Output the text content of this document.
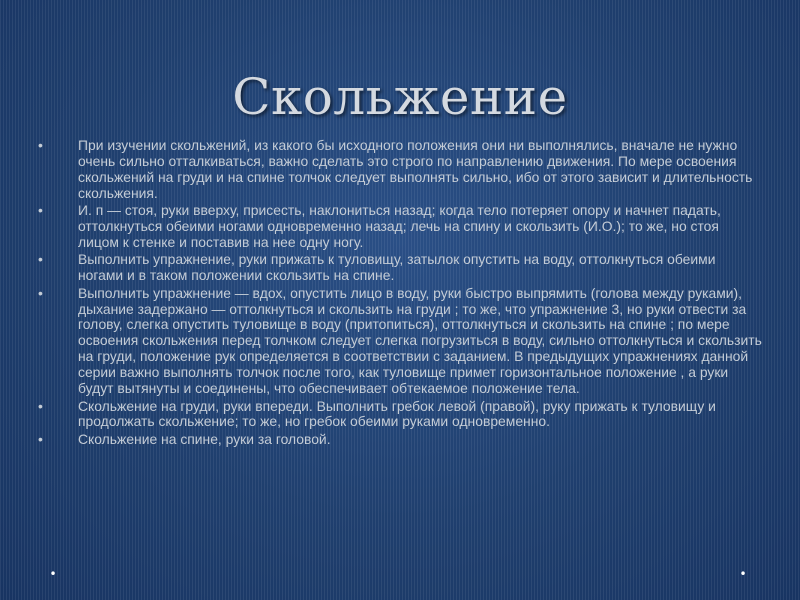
Скольжение
•	При изучении скольжений, из какого бы исходного положения они ни выполнялись, вначале не нужно очень сильно отталкиваться, важно сделать это строго по направлению движения. По мере освоения скольжений на груди и на спине толчок следует выполнять сильно, ибо от этого зависит и длительность скольжения.
•	И. п — стоя, руки вверху, присесть, наклониться назад; когда тело потеряет опору и начнет падать, оттолкнуться обеими ногами одновременно назад; лечь на спину и скользить (И.О.); то же, но стоя лицом к стенке и поставив на нее одну ногу.
•	Выполнить упражнение, руки прижать к туловищу, затылок опустить на воду, оттолкнуться обеими ногами и в таком положении скользить на спине.
•	Выполнить упражнение — вдох, опустить лицо в воду, руки быстро выпрямить (голова между руками), дыхание задержано — оттолкнуться и скользить на груди ; то же, что упражнение 3, но руки отвести за голову, слегка опустить туловище в воду (притопиться), оттолкнуться и скользить на спине ; по мере освоения скольжения перед толчком следует слегка погрузиться в воду, сильно оттолкнуться и скользить на груди, положение рук определяется в соответствии с заданием. В предыдущих упражнениях данной серии важно выполнять толчок после того, как туловище примет горизонтальное положение , а руки будут вытянуты и соединены, что обеспечивает обтекаемое положение тела.
•	Скольжение на груди, руки впереди. Выполнить гребок левой (правой), руку прижать к туловищу и продолжать скольжение; то же, но гребок обеими руками одновременно.
•	Скольжение на спине, руки за головой.
•	•
